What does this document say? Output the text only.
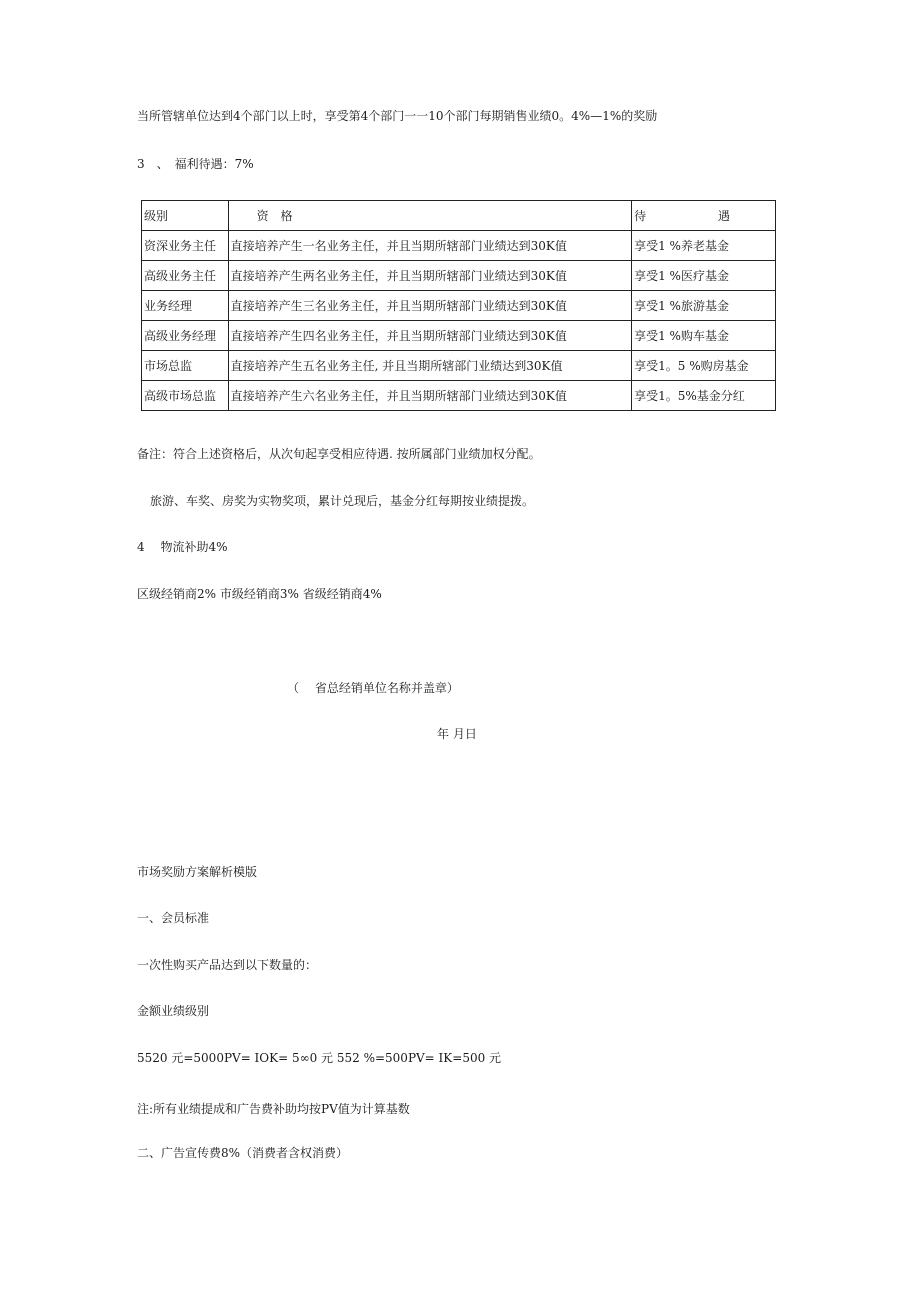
当所管辖单位达到4个部门以上时，享受第4个部门一一10个部门每期销售业绩0。4%—1%的奖励
3　、　福利待遇：7%
级别	资 格	待 遇
资深业务主任	直接培养产生一名业务主任，并且当期所辖部门业绩达到30K值	享受1 %养老基金
高级业务主任	直接培养产生两名业务主任，并且当期所辖部门业绩达到30K值	享受1 %医疗基金
业务经理	直接培养产生三名业务主任，并且当期所辖部门业绩达到30K值	享受1 %旅游基金
高级业务经理	直接培养产生四名业务主任，并且当期所辖部门业绩达到30K值	享受1 %购车基金
市场总监	直接培养产生五名业务主任, 并且当期所辖部门业绩达到30K值	享受1。5 %购房基金
高级市场总监	直接培养产生六名业务主任，并且当期所辖部门业绩达到30K值	享受1。5%基金分红
备注：符合上述资格后，从次旬起享受相应待遇. 按所属部门业绩加权分配。
旅游、车奖、房奖为实物奖项，累计兑现后，基金分红每期按业绩提拨。
4　 物流补助4%
区级经销商2% 市级经销商3% 省级经销商4%
（　 省总经销单位名称并盖章）
年 月日
市场奖励方案解析模版
一、会员标准
一次性购买产品达到以下数量的：
金额业绩级别
5520 元=5000PV= IOK= 5∞0 元 552 %=500PV= IK=500 元
注:所有业绩提成和广告费补助均按PV值为计算基数
二、广告宣传费8%（消费者含权消费）
